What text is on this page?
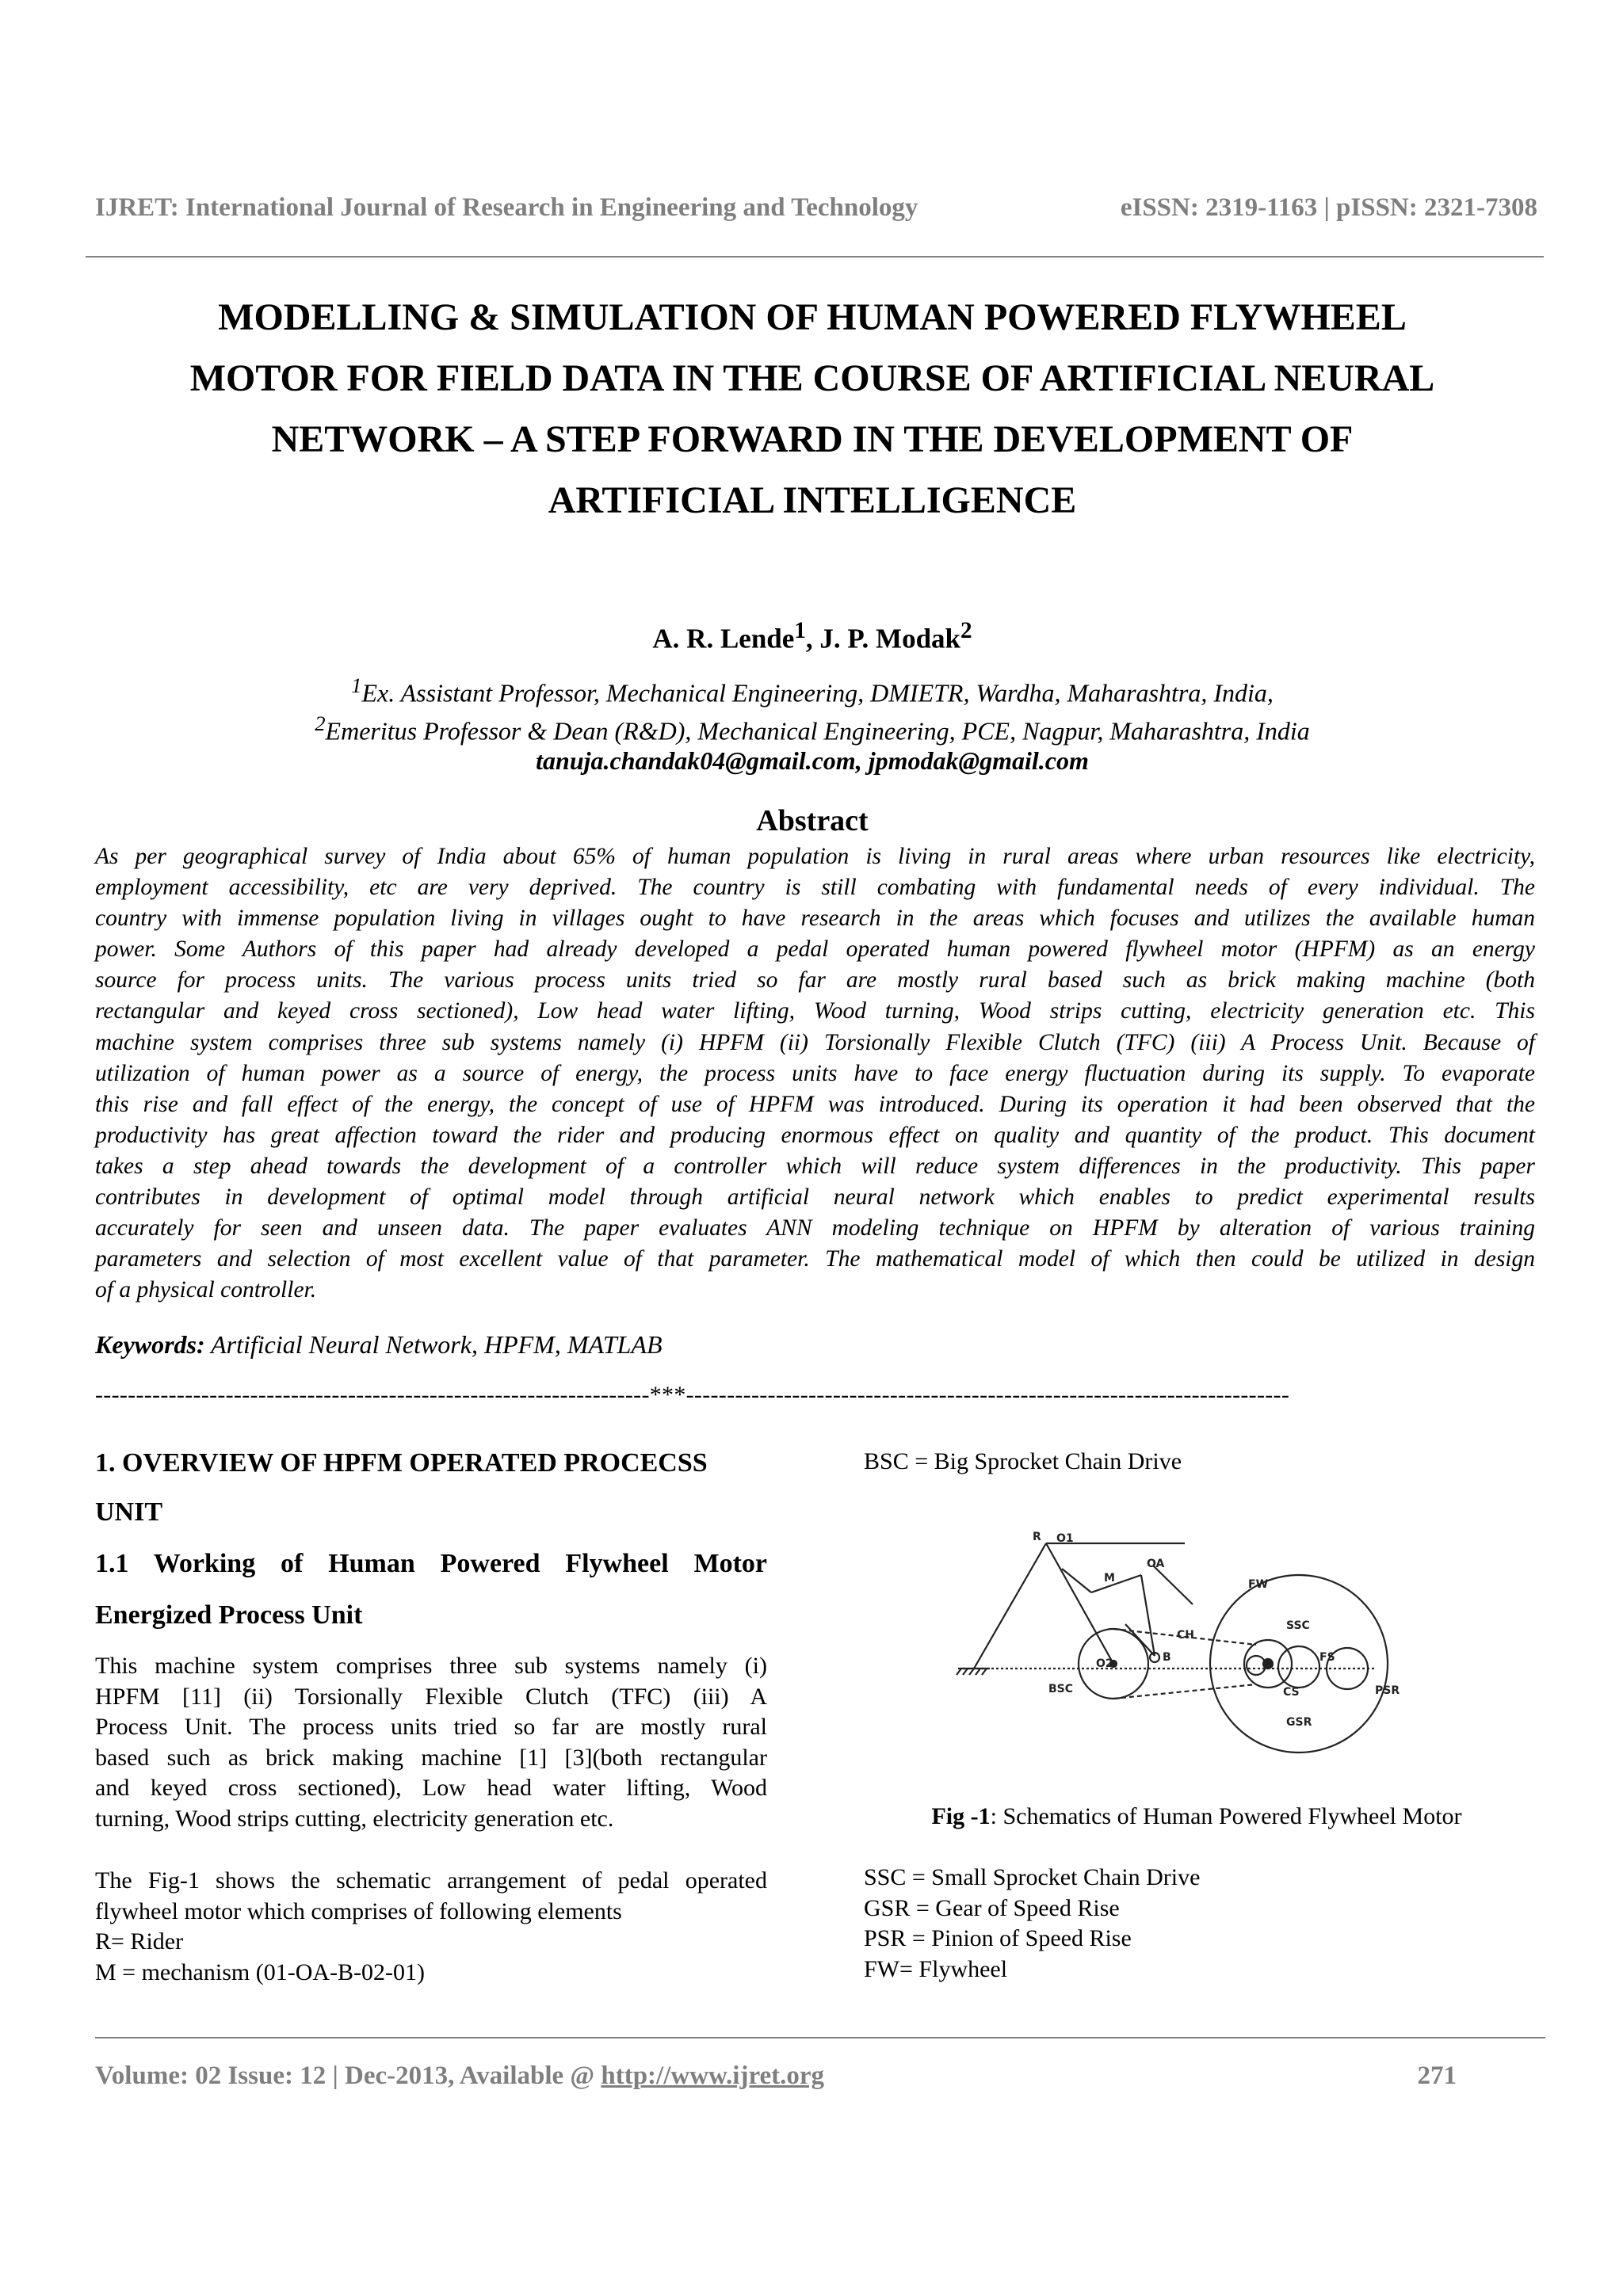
IJRET: International Journal of Research in Engineering and Technology	eISSN: 2319-1163 | pISSN: 2321-7308
MODELLING & SIMULATION OF HUMAN POWERED FLYWHEEL
MOTOR FOR FIELD DATA IN THE COURSE OF ARTIFICIAL NEURAL
NETWORK – A STEP FORWARD IN THE DEVELOPMENT OF
ARTIFICIAL INTELLIGENCE
A. R. Lende$^1$, J. P. Modak$^2$
$^1$Ex. Assistant Professor, Mechanical Engineering, DMIETR, Wardha, Maharashtra, India,
$^2$Emeritus Professor & Dean (R&D), Mechanical Engineering, PCE, Nagpur, Maharashtra, India
tanuja.chandak04@gmail.com, jpmodak@gmail.com
Abstract
As per geographical survey of India about 65% of human population is living in rural areas where urban resources like electricity,
employment accessibility, etc are very deprived. The country is still combating with fundamental needs of every individual. The
country with immense population living in villages ought to have research in the areas which focuses and utilizes the available human
power. Some Authors of this paper had already developed a pedal operated human powered flywheel motor (HPFM) as an energy
source for process units. The various process units tried so far are mostly rural based such as brick making machine (both
rectangular and keyed cross sectioned), Low head water lifting, Wood turning, Wood strips cutting, electricity generation etc. This
machine system comprises three sub systems namely (i) HPFM (ii) Torsionally Flexible Clutch (TFC) (iii) A Process Unit. Because of
utilization of human power as a source of energy, the process units have to face energy fluctuation during its supply. To evaporate
this rise and fall effect of the energy, the concept of use of HPFM was introduced. During its operation it had been observed that the
productivity has great affection toward the rider and producing enormous effect on quality and quantity of the product. This document
takes a step ahead towards the development of a controller which will reduce system differences in the productivity. This paper
contributes in development of optimal model through artificial neural network which enables to predict experimental results
accurately for seen and unseen data. The paper evaluates ANN modeling technique on HPFM by alteration of various training
parameters and selection of most excellent value of that parameter. The mathematical model of which then could be utilized in design
of a physical controller.
Keywords: Artificial Neural Network, HPFM, MATLAB
--------------------------------------------------------------------***--------------------------------------------------------------------------
1. OVERVIEW OF HPFM OPERATED PROCECSS
UNIT
1.1 Working of Human Powered Flywheel Motor
Energized Process Unit
This machine system comprises three sub systems namely (i)
HPFM [11] (ii) Torsionally Flexible Clutch (TFC) (iii) A
Process Unit. The process units tried so far are mostly rural
based such as brick making machine [1] [3](both rectangular
and keyed cross sectioned), Low head water lifting, Wood
turning, Wood strips cutting, electricity generation etc.
The Fig-1 shows the schematic arrangement of pedal operated
flywheel motor which comprises of following elements
R= Rider
M = mechanism (01-OA-B-02-01)
BSC = Big Sprocket Chain Drive
R O1
M
OA
FW
CH
SSC
FS
O2	B
BSC	CS
GSR
PSR
Fig -1: Schematics of Human Powered Flywheel Motor
SSC = Small Sprocket Chain Drive
GSR = Gear of Speed Rise
PSR = Pinion of Speed Rise
FW= Flywheel
Volume: 02 Issue: 12 | Dec-2013, Available @ http://www.ijret.org	271
